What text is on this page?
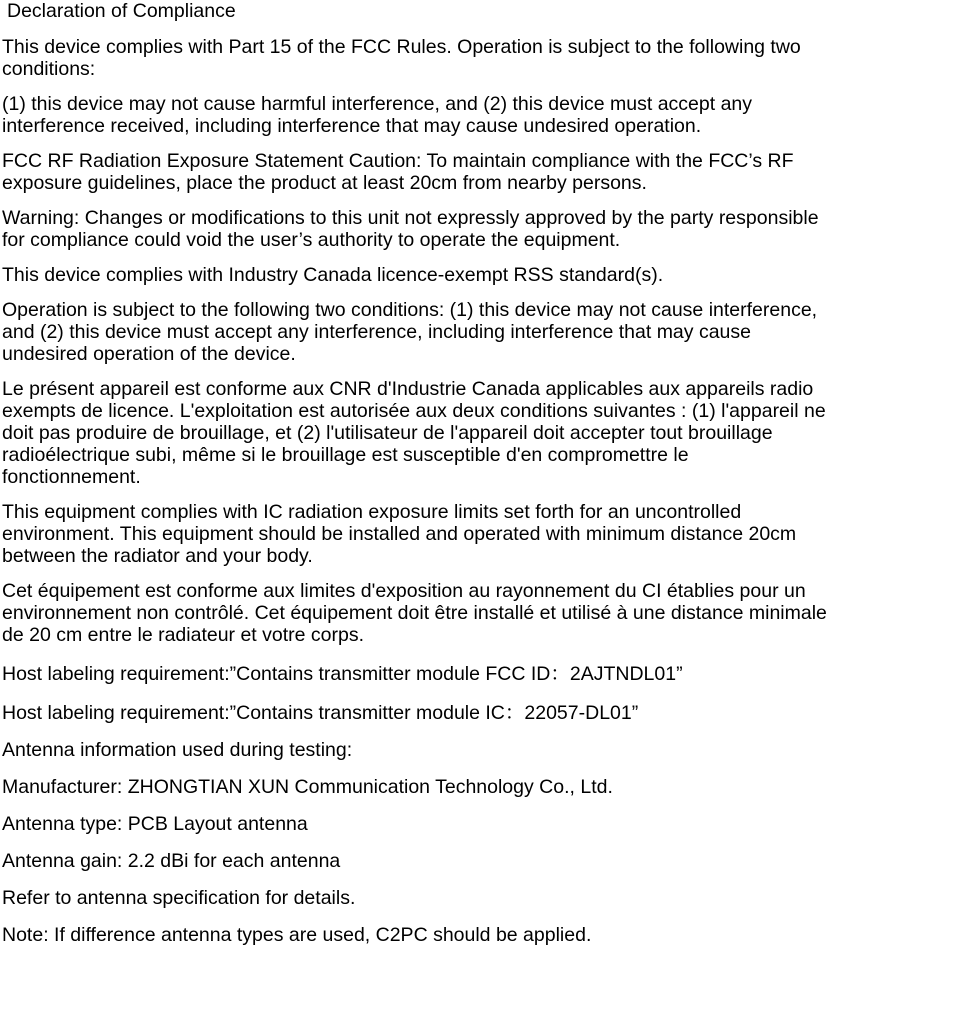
Declaration of Compliance

This device complies with Part 15 of the FCC Rules. Operation is subject to the following two
conditions:

(1) this device may not cause harmful interference, and (2) this device must accept any
interference received, including interference that may cause undesired operation.

FCC RF Radiation Exposure Statement Caution: To maintain compliance with the FCC’s RF
exposure guidelines, place the product at least 20cm from nearby persons.

Warning: Changes or modifications to this unit not expressly approved by the party responsible
for compliance could void the user’s authority to operate the equipment.

This device complies with Industry Canada licence-exempt RSS standard(s).

Operation is subject to the following two conditions: (1) this device may not cause interference,
and (2) this device must accept any interference, including interference that may cause
undesired operation of the device.

Le présent appareil est conforme aux CNR d'Industrie Canada applicables aux appareils radio
exempts de licence. L'exploitation est autorisée aux deux conditions suivantes : (1) l'appareil ne
doit pas produire de brouillage, et (2) l'utilisateur de l'appareil doit accepter tout brouillage
radioélectrique subi, même si le brouillage est susceptible d'en compromettre le
fonctionnement.

This equipment complies with IC radiation exposure limits set forth for an uncontrolled
environment. This equipment should be installed and operated with minimum distance 20cm
between the radiator and your body.

Cet équipement est conforme aux limites d'exposition au rayonnement du CI établies pour un
environnement non contrôlé. Cet équipement doit être installé et utilisé à une distance minimale
de 20 cm entre le radiateur et votre corps.

Host labeling requirement:”Contains transmitter module FCC ID：2AJTNDL01”

Host labeling requirement:”Contains transmitter module IC：22057-DL01”

Antenna information used during testing:

Manufacturer: ZHONGTIAN XUN Communication Technology Co., Ltd.

Antenna type: PCB Layout antenna

Antenna gain: 2.2 dBi for each antenna

Refer to antenna specification for details.

Note: If difference antenna types are used, C2PC should be applied.
